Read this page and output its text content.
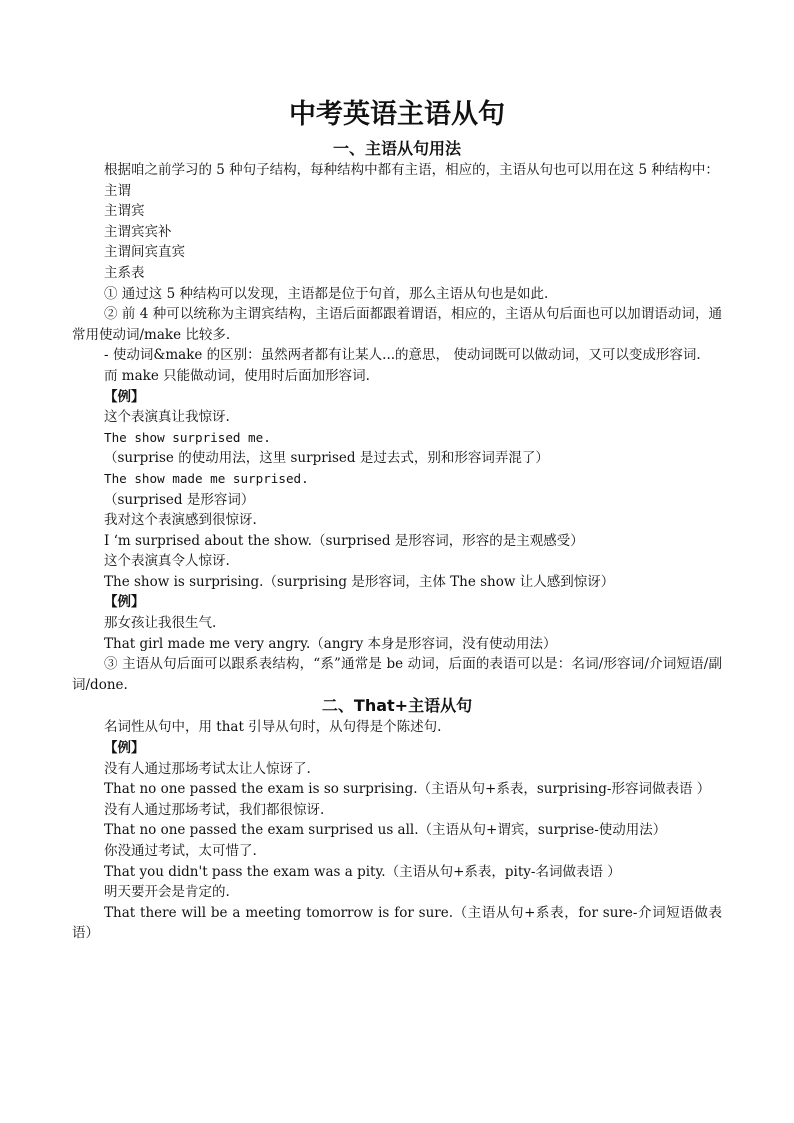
中考英语主语从句
一、主语从句用法

根据咱之前学习的 5 种句子结构，每种结构中都有主语，相应的，主语从句也可以用在这 5 种结构中：

主谓

主谓宾

主谓宾宾补

主谓间宾直宾

主系表

① 通过这 5 种结构可以发现，主语都是位于句首，那么主语从句也是如此.

② 前 4 种可以统称为主谓宾结构，主语后面都跟着谓语，相应的，主语从句后面也可以加谓语动词，通常用使动词/make 比较多.

- 使动词&make 的区别：虽然两者都有让某人...的意思， 使动词既可以做动词，又可以变成形容词.

而 make 只能做动词，使用时后面加形容词.

【例】

这个表演真让我惊讶.

The show surprised me.

（surprise 的使动用法，这里 surprised 是过去式，别和形容词弄混了）

The show made me surprised.

（surprised 是形容词）

我对这个表演感到很惊讶.

I ‘m surprised about the show.（surprised 是形容词，形容的是主观感受）

这个表演真令人惊讶.

The show is surprising.（surprising 是形容词，主体 The show 让人感到惊讶）

【例】

那女孩让我很生气.

That girl made me very angry.（angry 本身是形容词，没有使动用法）

③ 主语从句后面可以跟系表结构，“系”通常是 be 动词，后面的表语可以是：名词/形容词/介词短语/副词/done.

二、That+主语从句

名词性从句中，用 that 引导从句时，从句得是个陈述句.

【例】

没有人通过那场考试太让人惊讶了.

That no one passed the exam is so surprising.（主语从句+系表，surprising-形容词做表语 ）

没有人通过那场考试，我们都很惊讶.

That no one passed the exam surprised us all.（主语从句+谓宾，surprise-使动用法）

你没通过考试，太可惜了.

That you didn't pass the exam was a pity.（主语从句+系表，pity-名词做表语 ）

明天要开会是肯定的.

That there will be a meeting tomorrow is for sure.（主语从句+系表，for sure-介词短语做表语）
